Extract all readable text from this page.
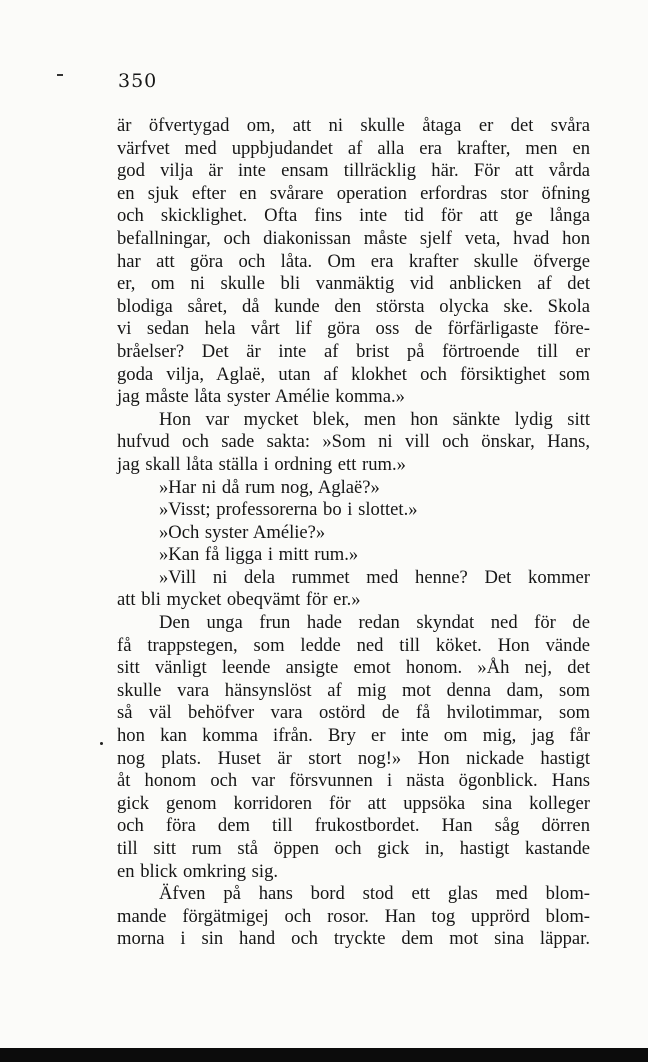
350
är öfvertygad om, att ni skulle åtaga er det svåra
värfvet med uppbjudandet af alla era krafter, men en
god vilja är inte ensam tillräcklig här. För att vårda
en sjuk efter en svårare operation erfordras stor öfning
och skicklighet. Ofta fins inte tid för att ge långa
befallningar, och diakonissan måste sjelf veta, hvad hon
har att göra och låta. Om era krafter skulle öfverge
er, om ni skulle bli vanmäktig vid anblicken af det
blodiga såret, då kunde den största olycka ske. Skola
vi sedan hela vårt lif göra oss de förfärligaste före-
bråelser? Det är inte af brist på förtroende till er
goda vilja, Aglaë, utan af klokhet och försiktighet som
jag måste låta syster Amélie komma.»
Hon var mycket blek, men hon sänkte lydig sitt
hufvud och sade sakta: »Som ni vill och önskar, Hans,
jag skall låta ställa i ordning ett rum.»
»Har ni då rum nog, Aglaë?»
»Visst; professorerna bo i slottet.»
»Och syster Amélie?»
»Kan få ligga i mitt rum.»
»Vill ni dela rummet med henne? Det kommer
att bli mycket obeqvämt för er.»
Den unga frun hade redan skyndat ned för de
få trappstegen, som ledde ned till köket. Hon vände
sitt vänligt leende ansigte emot honom. »Åh nej, det
skulle vara hänsynslöst af mig mot denna dam, som
så väl behöfver vara ostörd de få hvilotimmar, som
hon kan komma ifrån. Bry er inte om mig, jag får
nog plats. Huset är stort nog!» Hon nickade hastigt
åt honom och var försvunnen i nästa ögonblick. Hans
gick genom korridoren för att uppsöka sina kolleger
och föra dem till frukostbordet. Han såg dörren
till sitt rum stå öppen och gick in, hastigt kastande
en blick omkring sig.
Äfven på hans bord stod ett glas med blom-
mande förgätmigej och rosor. Han tog upprörd blom-
morna i sin hand och tryckte dem mot sina läppar.
